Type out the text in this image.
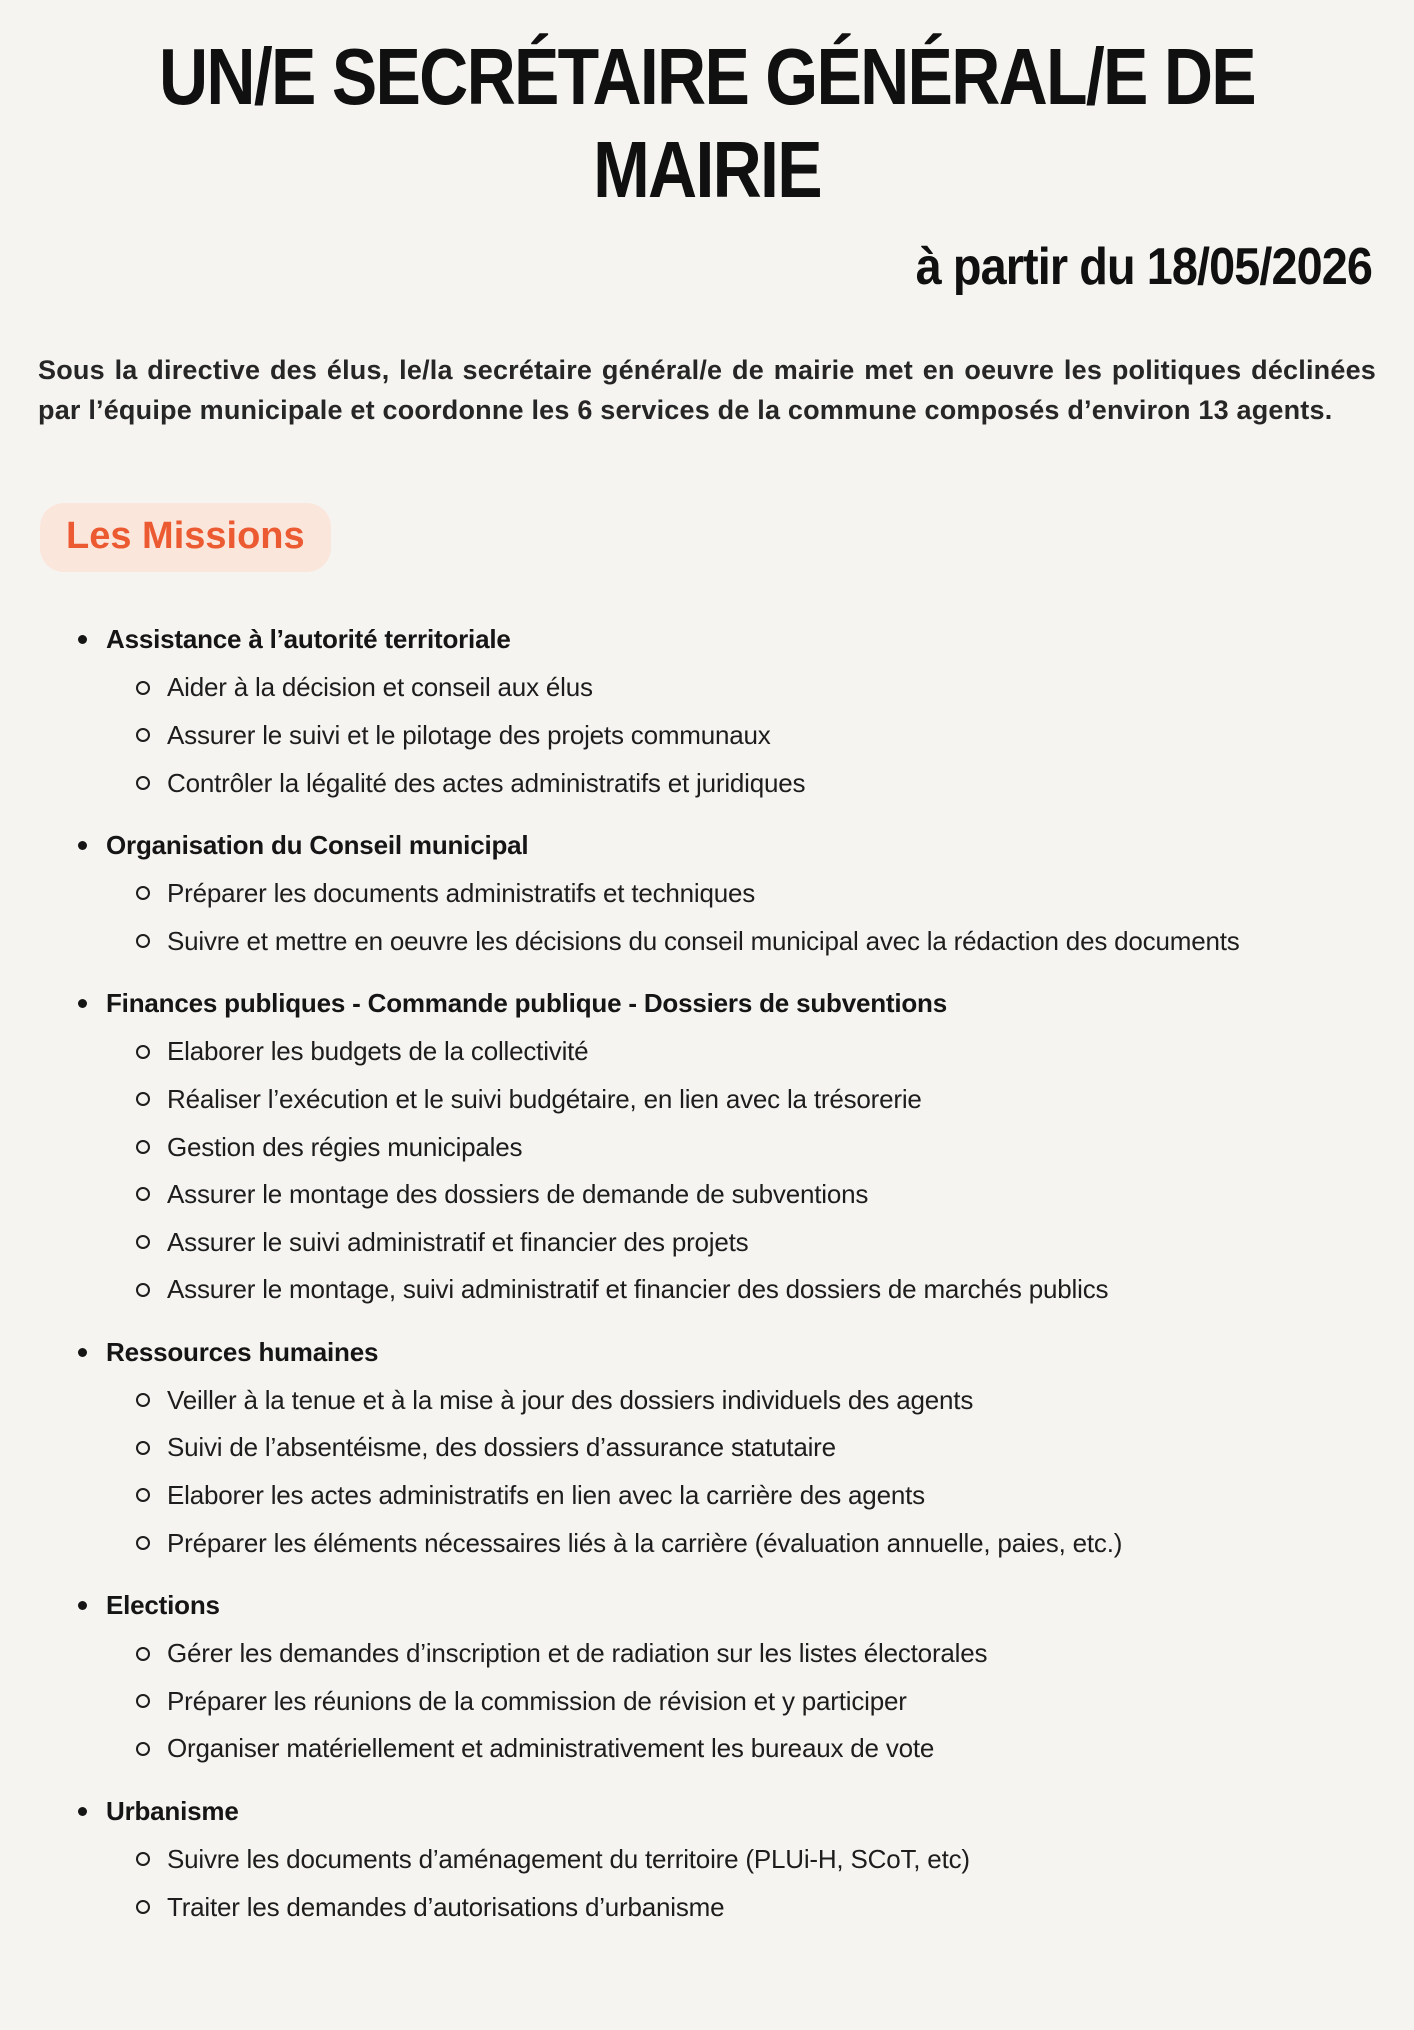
UN/E SECRÉTAIRE GÉNÉRAL/E DE
MAIRIE
à partir du 18/05/2026

Sous la directive des élus, le/la secrétaire général/e de mairie met en oeuvre les politiques déclinées par l’équipe municipale et coordonne les 6 services de la commune composés d’environ 13 agents.

Les Missions
Assistance à l’autorité territoriale
Aider à la décision et conseil aux élus
Assurer le suivi et le pilotage des projets communaux
Contrôler la légalité des actes administratifs et juridiques
Organisation du Conseil municipal
Préparer les documents administratifs et techniques
Suivre et mettre en oeuvre les décisions du conseil municipal avec la rédaction des documents
Finances publiques - Commande publique - Dossiers de subventions
Elaborer les budgets de la collectivité
Réaliser l’exécution et le suivi budgétaire, en lien avec la trésorerie
Gestion des régies municipales
Assurer le montage des dossiers de demande de subventions
Assurer le suivi administratif et financier des projets
Assurer le montage, suivi administratif et financier des dossiers de marchés publics
Ressources humaines
Veiller à la tenue et à la mise à jour des dossiers individuels des agents
Suivi de l’absentéisme, des dossiers d’assurance statutaire
Elaborer les actes administratifs en lien avec la carrière des agents
Préparer les éléments nécessaires liés à la carrière (évaluation annuelle, paies, etc.)
Elections
Gérer les demandes d’inscription et de radiation sur les listes électorales
Préparer les réunions de la commission de révision et y participer
Organiser matériellement et administrativement les bureaux de vote
Urbanisme
Suivre les documents d’aménagement du territoire (PLUi-H, SCoT, etc)
Traiter les demandes d’autorisations d’urbanisme
